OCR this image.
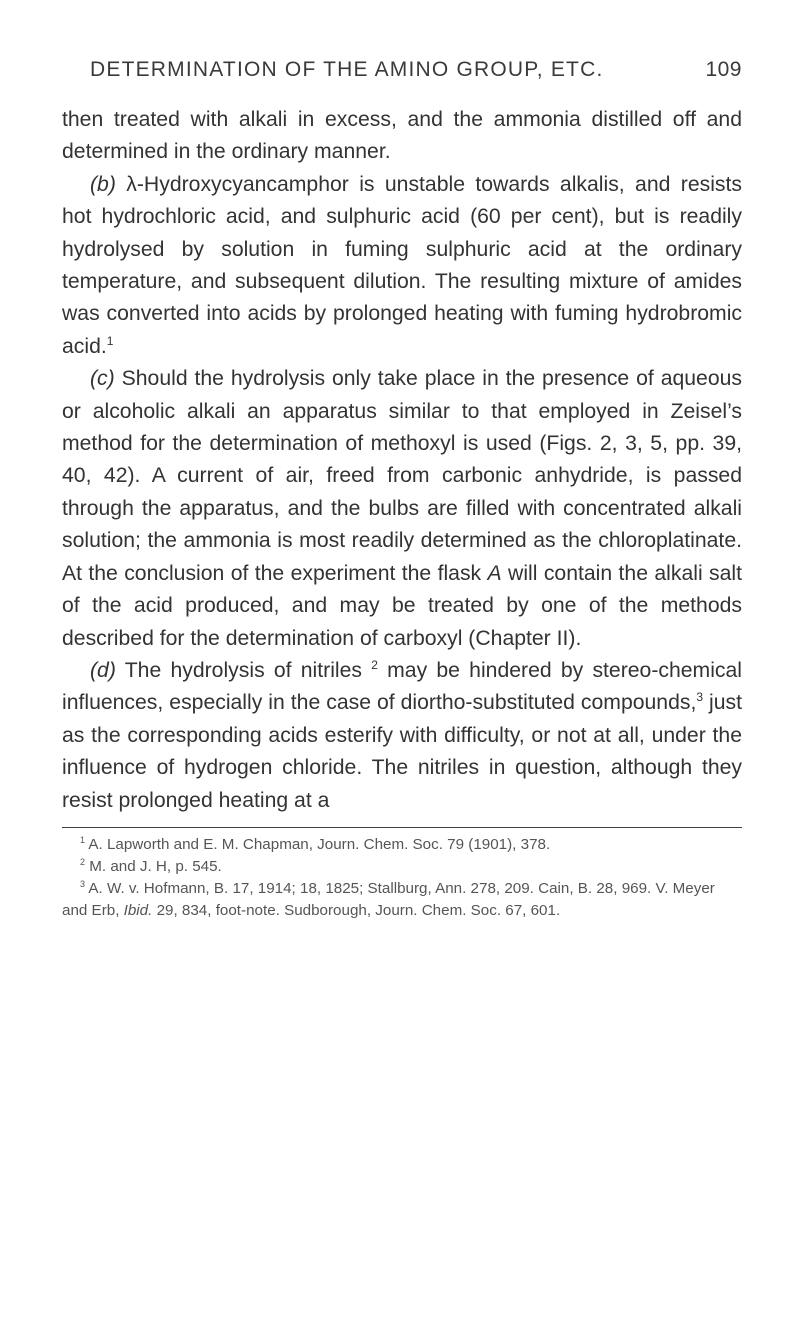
DETERMINATION OF THE AMINO GROUP, ETC.	109

then treated with alkali in excess, and the ammonia distilled off and determined in the ordinary manner.

(b) λ-Hydroxycyancamphor is unstable towards alkalis, and resists hot hydrochloric acid, and sulphuric acid (60 per cent), but is readily hydrolysed by solution in fuming sulphuric acid at the ordinary temperature, and subsequent dilution. The resulting mixture of amides was converted into acids by prolonged heating with fuming hydrobromic acid.$^1$

(c) Should the hydrolysis only take place in the presence of aqueous or alcoholic alkali an apparatus similar to that employed in Zeisel’s method for the determination of methoxyl is used (Figs. 2, 3, 5, pp. 39, 40, 42). A current of air, freed from carbonic anhydride, is passed through the apparatus, and the bulbs are filled with concentrated alkali solution; the ammonia is most readily determined as the chloroplatinate. At the conclusion of the experiment the flask A will contain the alkali salt of the acid produced, and may be treated by one of the methods described for the determination of carboxyl (Chapter II).

(d) The hydrolysis of nitriles $^2$ may be hindered by stereo-chemical influences, especially in the case of diortho-substituted compounds,$^3$ just as the corresponding acids esterify with difficulty, or not at all, under the influence of hydrogen chloride. The nitriles in question, although they resist prolonged heating at a

$^1$ A. Lapworth and E. M. Chapman, Journ. Chem. Soc. 79 (1901), 378.

$^2$ M. and J. H, p. 545.

$^3$ A. W. v. Hofmann, B. 17, 1914; 18, 1825; Stallburg, Ann. 278, 209. Cain, B. 28, 969. V. Meyer and Erb, Ibid. 29, 834, foot-note. Sudborough, Journ. Chem. Soc. 67, 601.
